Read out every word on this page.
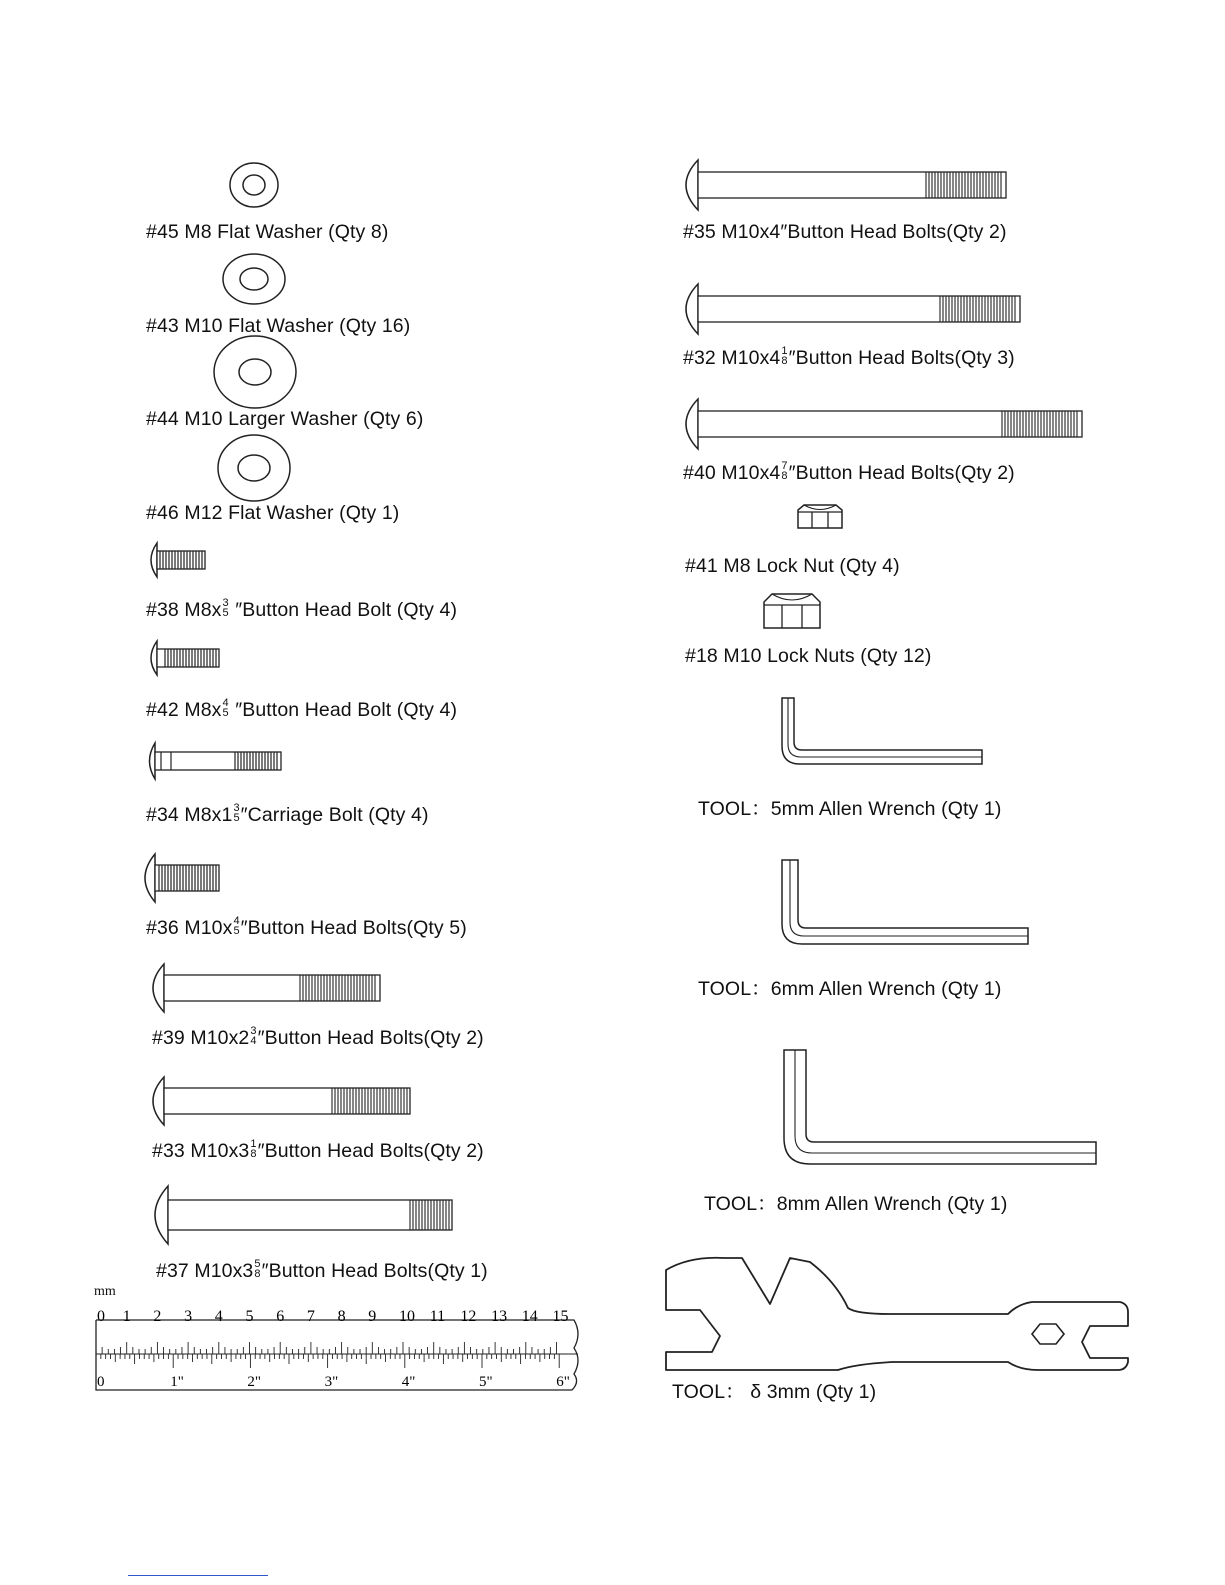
mm
0 1 2 3 4 5 6 7 8 9 10 11 12 13 14 15
0	1"	2"	3"	4"	5"	6"
#45 M8 Flat Washer (Qty 8)
#43 M10 Flat Washer (Qty 16)
#44 M10 Larger Washer (Qty 6)
#46 M12 Flat Washer (Qty 1)
#38 M8x 3
5 ″Button Head Bolt (Qty 4)
#42 M8x 4
5 ″Button Head Bolt (Qty 4)
#34 M8x1 3
5 ″Carriage Bolt (Qty 4)
#36 M10x 4
5 ″Button Head Bolts(Qty 5)
#39 M10x2 3
4 ″Button Head Bolts(Qty 2)
#33 M10x3 1
8 ″Button Head Bolts(Qty 2)
#37 M10x3 5
8 ″Button Head Bolts(Qty 1)
#35 M10x4″Button Head Bolts(Qty 2)
#32 M10x4 1
8 ″Button Head Bolts(Qty 3)
#40 M10x4 7
8 ″Button Head Bolts(Qty 2)
#41 M8 Lock Nut (Qty 4)
#18 M10 Lock Nuts (Qty 12)
TOOL：5mm Allen Wrench (Qty 1)
TOOL：6mm Allen Wrench (Qty 1)
TOOL：8mm Allen Wrench (Qty 1)
TOOL： δ 3mm (Qty 1)
